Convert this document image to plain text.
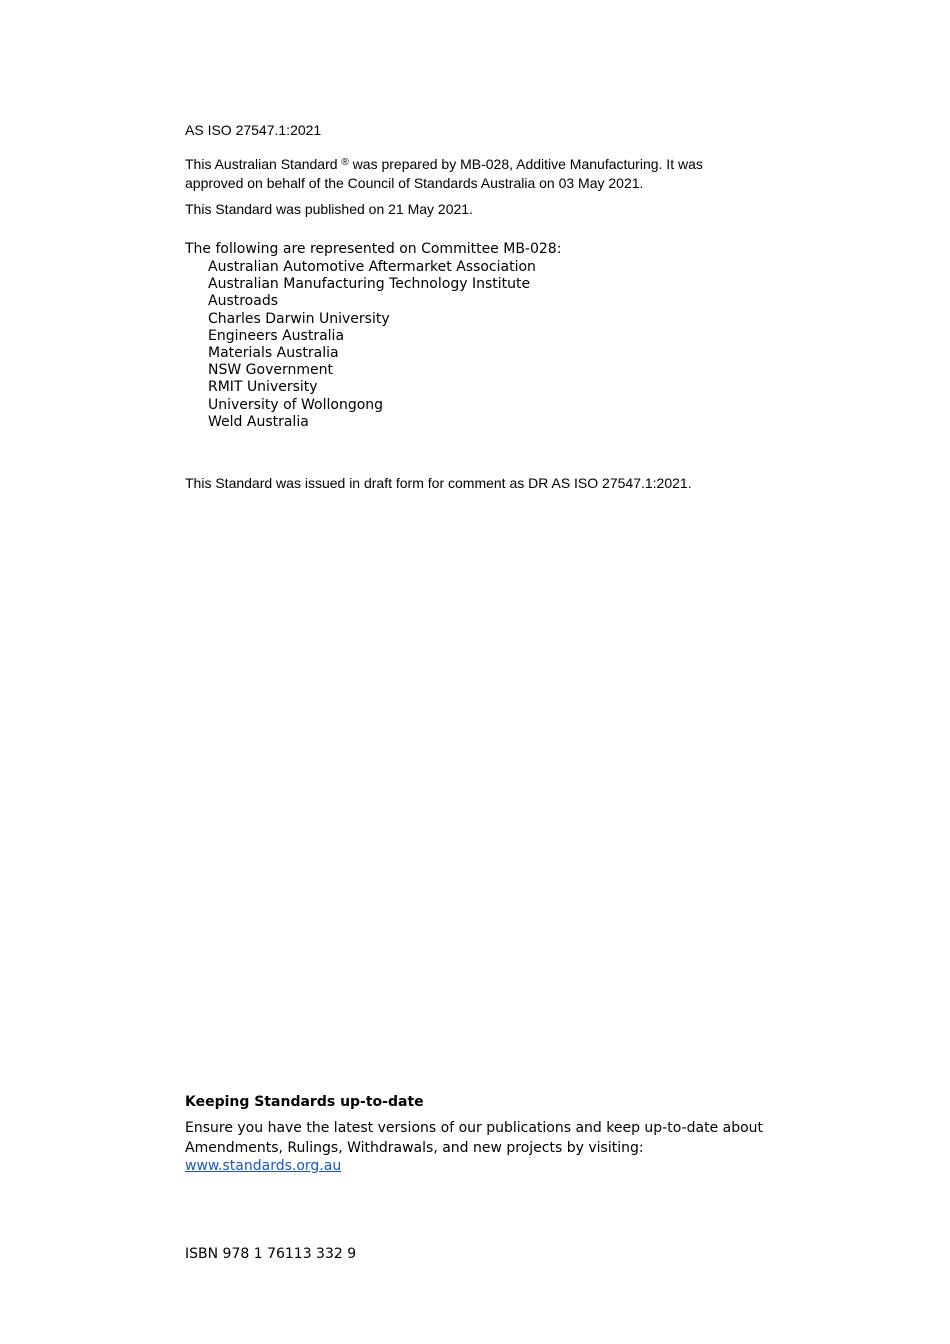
AS ISO 27547.1:2021
This Australian Standard ® was prepared by MB-028, Additive Manufacturing. It was approved on behalf of the Council of Standards Australia on 03 May 2021.
This Standard was published on 21 May 2021.
The following are represented on Committee MB-028:
Australian Automotive Aftermarket Association
Australian Manufacturing Technology Institute
Austroads
Charles Darwin University
Engineers Australia
Materials Australia
NSW Government
RMIT University
University of Wollongong
Weld Australia
This Standard was issued in draft form for comment as DR AS ISO 27547.1:2021.
Keeping Standards up-to-date
Ensure you have the latest versions of our publications and keep up-to-date about Amendments, Rulings, Withdrawals, and new projects by visiting:
www.standards.org.au
ISBN 978 1 76113 332 9
